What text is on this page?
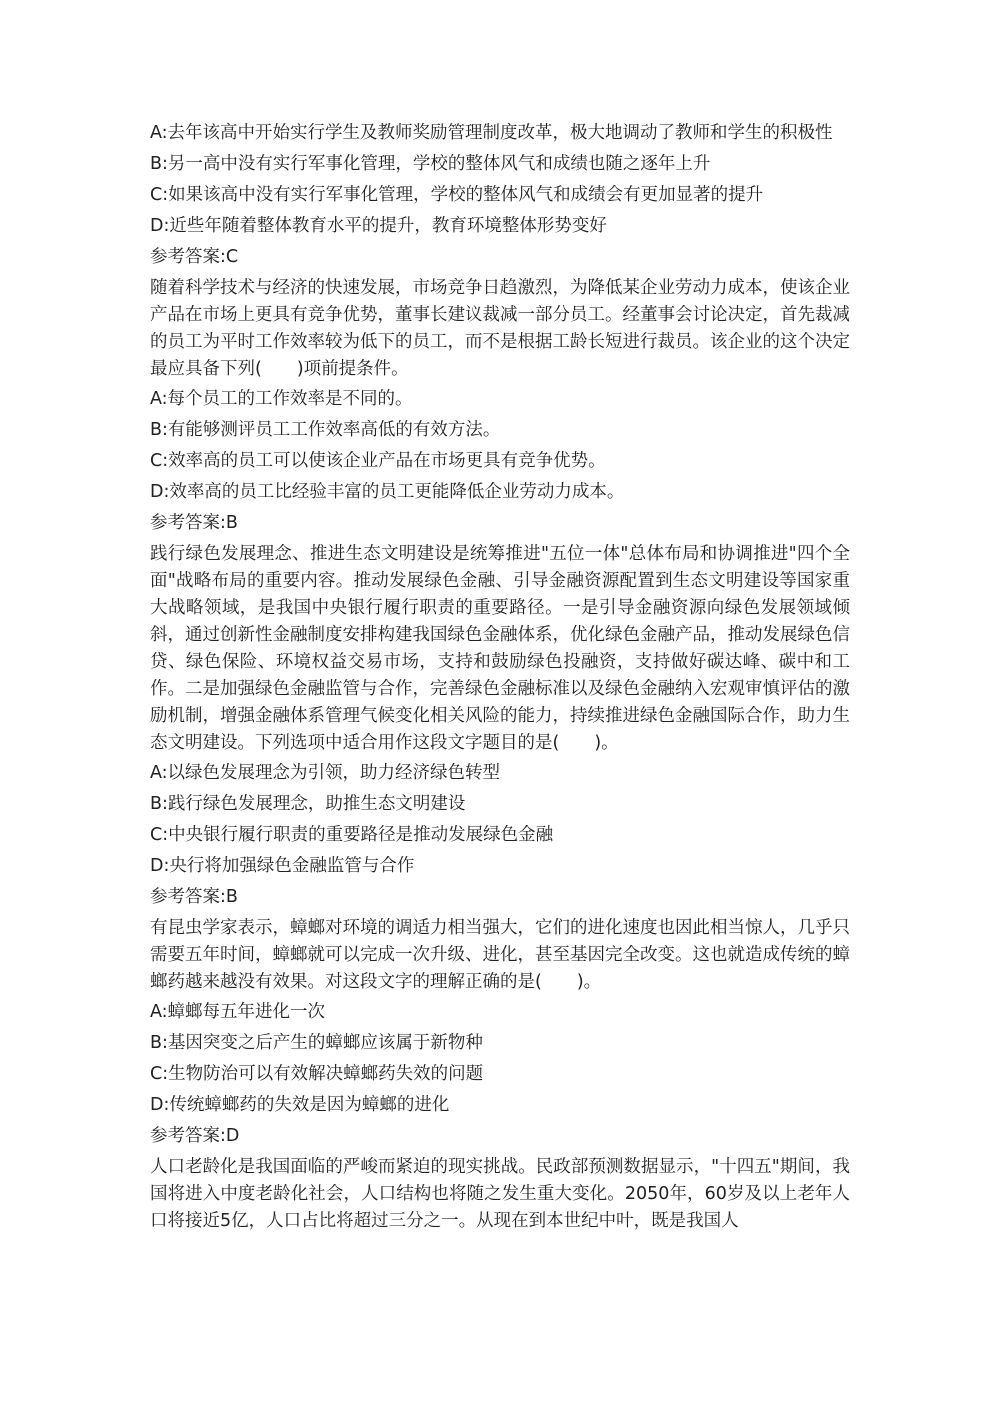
A:去年该高中开始实行学生及教师奖励管理制度改革，极大地调动了教师和学生的积极性

B:另一高中没有实行军事化管理，学校的整体风气和成绩也随之逐年上升

C:如果该高中没有实行军事化管理，学校的整体风气和成绩会有更加显著的提升

D:近些年随着整体教育水平的提升，教育环境整体形势变好

参考答案:C

随着科学技术与经济的快速发展，市场竞争日趋激烈，为降低某企业劳动力成本，使该企业产品在市场上更具有竞争优势，董事长建议裁减一部分员工。经董事会讨论决定，首先裁减的员工为平时工作效率较为低下的员工，而不是根据工龄长短进行裁员。该企业的这个决定最应具备下列(　　)项前提条件。

A:每个员工的工作效率是不同的。

B:有能够测评员工工作效率高低的有效方法。

C:效率高的员工可以使该企业产品在市场更具有竞争优势。

D:效率高的员工比经验丰富的员工更能降低企业劳动力成本。

参考答案:B

践行绿色发展理念、推进生态文明建设是统筹推进"五位一体"总体布局和协调推进"四个全面"战略布局的重要内容。推动发展绿色金融、引导金融资源配置到生态文明建设等国家重大战略领域，是我国中央银行履行职责的重要路径。一是引导金融资源向绿色发展领域倾斜，通过创新性金融制度安排构建我国绿色金融体系，优化绿色金融产品，推动发展绿色信贷、绿色保险、环境权益交易市场，支持和鼓励绿色投融资，支持做好碳达峰、碳中和工作。二是加强绿色金融监管与合作，完善绿色金融标准以及绿色金融纳入宏观审慎评估的激励机制，增强金融体系管理气候变化相关风险的能力，持续推进绿色金融国际合作，助力生态文明建设。下列选项中适合用作这段文字题目的是(　　)。

A:以绿色发展理念为引领，助力经济绿色转型

B:践行绿色发展理念，助推生态文明建设

C:中央银行履行职责的重要路径是推动发展绿色金融

D:央行将加强绿色金融监管与合作

参考答案:B

有昆虫学家表示，蟑螂对环境的调适力相当强大，它们的进化速度也因此相当惊人，几乎只需要五年时间，蟑螂就可以完成一次升级、进化，甚至基因完全改变。这也就造成传统的蟑螂药越来越没有效果。对这段文字的理解正确的是(　　)。

A:蟑螂每五年进化一次

B:基因突变之后产生的蟑螂应该属于新物种

C:生物防治可以有效解决蟑螂药失效的问题

D:传统蟑螂药的失效是因为蟑螂的进化

参考答案:D

人口老龄化是我国面临的严峻而紧迫的现实挑战。民政部预测数据显示，"十四五"期间，我国将进入中度老龄化社会，人口结构也将随之发生重大变化。2050年，60岁及以上老年人口将接近5亿，人口占比将超过三分之一。从现在到本世纪中叶，既是我国人
